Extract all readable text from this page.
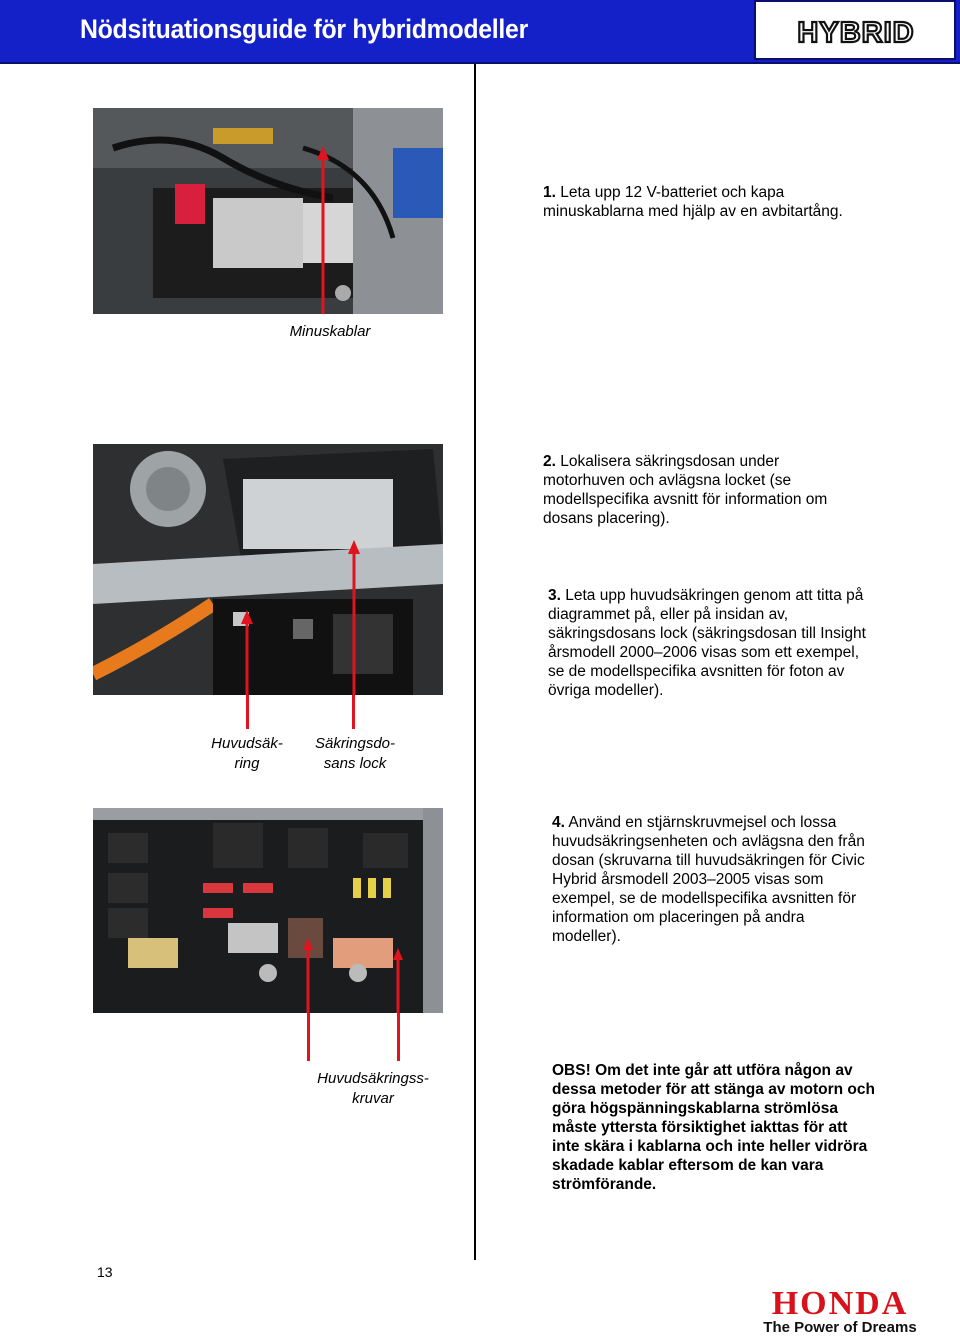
Nödsituationsguide för hybridmodeller	HYBRID
Minuskablar
1. Leta upp 12 V-batteriet och kapa minuskablarna med hjälp av en avbitartång.
2. Lokalisera säkringsdosan under motorhuven och avlägsna locket (se modellspecifika avsnitt för information om dosans placering).
3. Leta upp huvudsäkringen genom att titta på diagrammet på, eller på insidan av, säkringsdosans lock (säkringsdosan till Insight årsmodell 2000–2006 visas som ett exempel, se de modellspecifika avsnitten för foton av övriga modeller).
Huvudsäk-
ring
Säkringsdo-
sans lock
4. Använd en stjärnskruvmejsel och lossa huvudsäkringsenheten och avlägsna den från dosan (skruvarna till huvudsäkringen för Civic Hybrid årsmodell 2003–2005 visas som exempel, se de modellspecifika avsnitten för information om placeringen på andra modeller).
Huvudsäkringss-
kruvar
OBS! Om det inte går att utföra någon av dessa metoder för att stänga av motorn och göra högspänningskablarna strömlösa måste yttersta försiktighet iakttas för att inte skära i kablarna och inte heller vidröra skadade kablar eftersom de kan vara strömförande.
13
HONDA
The Power of Dreams
